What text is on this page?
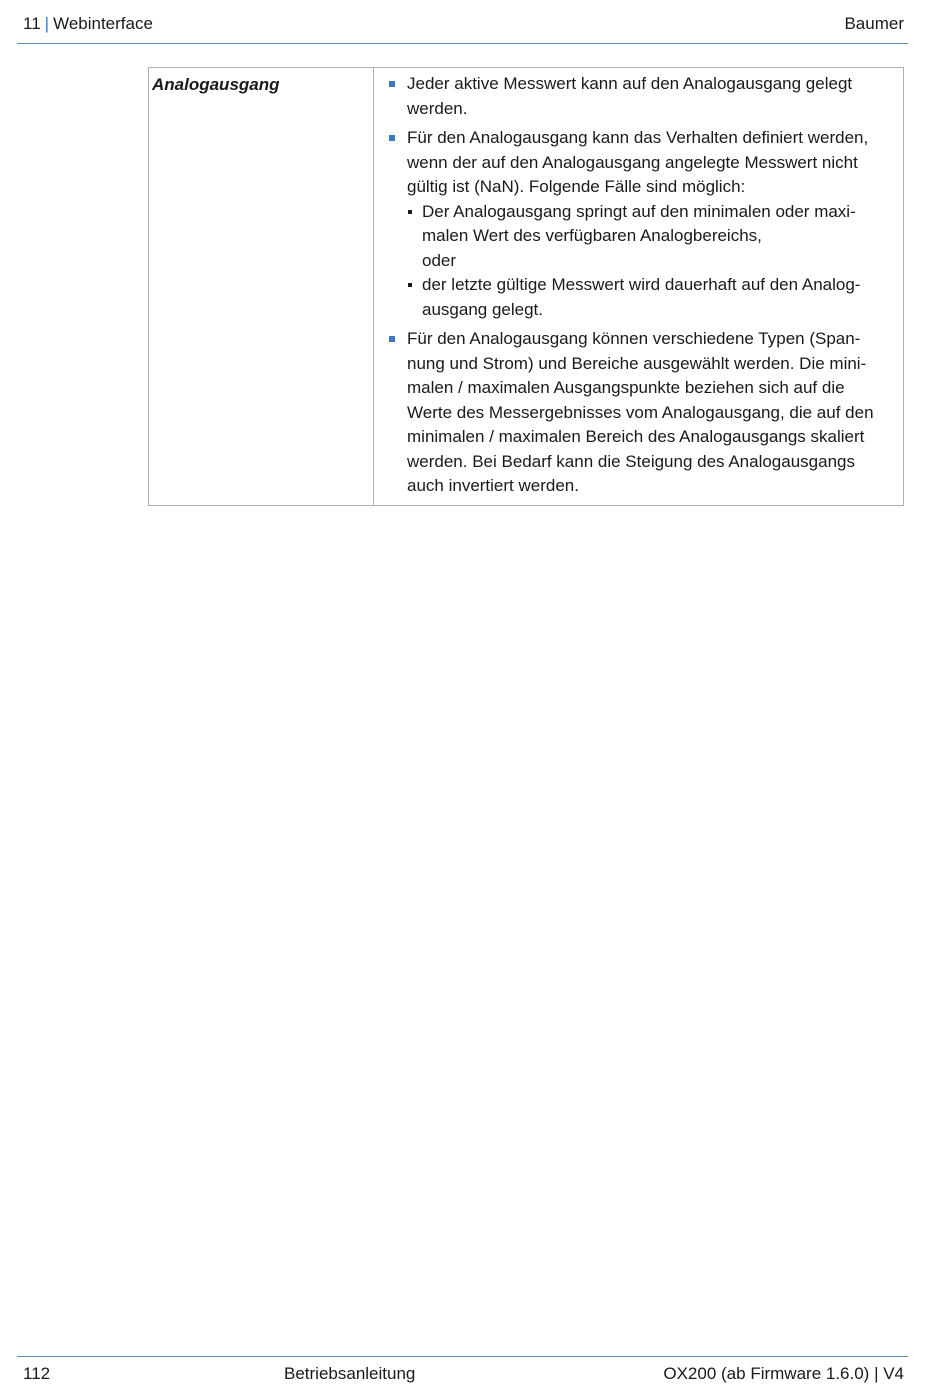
11 | Webinterface	Baumer
Analogausgang	Jeder aktive Messwert kann auf den Analogausgang gelegt
werden.
Für den Analogausgang kann das Verhalten definiert werden,
wenn der auf den Analogausgang angelegte Messwert nicht
gültig ist (NaN). Folgende Fälle sind möglich:
Der Analogausgang springt auf den minimalen oder maxi-
malen Wert des verfügbaren Analogbereichs,
oder
der letzte gültige Messwert wird dauerhaft auf den Analog-
ausgang gelegt.
Für den Analogausgang können verschiedene Typen (Span-
nung und Strom) und Bereiche ausgewählt werden. Die mini-
malen / maximalen Ausgangspunkte beziehen sich auf die
Werte des Messergebnisses vom Analogausgang, die auf den
minimalen / maximalen Bereich des Analogausgangs skaliert
werden. Bei Bedarf kann die Steigung des Analogausgangs
auch invertiert werden.
112	Betriebsanleitung	OX200 (ab Firmware 1.6.0) | V4
